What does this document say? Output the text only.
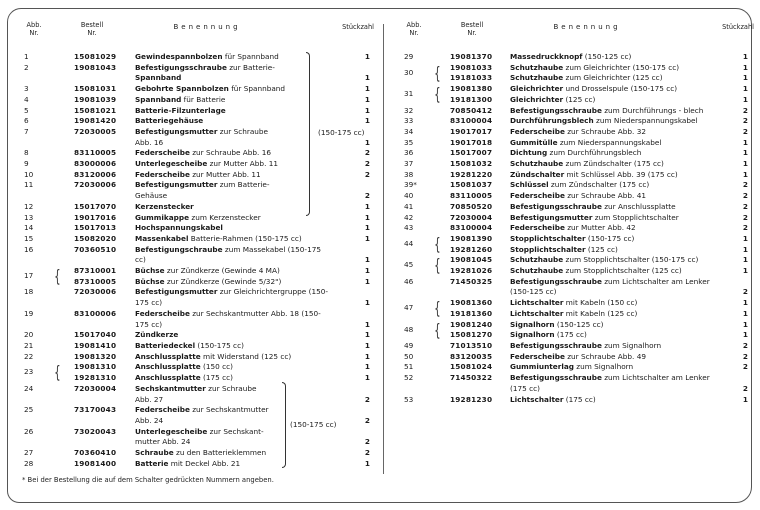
Abb.
Nr.
Bestell
Nr.
Benennung	Stückzahl
1	15081029	Gewindespannbolzen für Spannband	1
2	19081043	Befestigungsschraube zur Batterie-
Spannband	1
3	15081031	Gebohrte Spannbolzen für Spannband	1
4	19081039	Spannband für Batterie	1
5	15081021	Batterie-Filzunterlage	1
6	19081420	Batteriegehäuse	1
7	72030005	Befestigungsmutter zur Schraube
Abb. 16	1
8	83110005	Federscheibe zur Schraube Abb. 16	2
9	83000006	Unterlegescheibe zur Mutter Abb. 11	2
10	83120006	Federscheibe zur Mutter Abb. 11	2
11	72030006	Befestigungsmutter zum Batterie-
Gehäuse	2
12	15017070	Kerzenstecker	1
13	19017016	Gummikappe zum Kerzenstecker	1
14	15017013	Hochspannungskabel	1
15	15082020	Massenkabel Batterie-Rahmen (150-175 cc)	1
16	70360510	Befestigungschraube zum Massekabel (150-175 cc)	1
17	{ 87310001	Büchse zur Zündkerze (Gewinde 4 MA)	1
87310005	Büchse zur Zündkerze (Gewinde 5/32")	1
18	72030006	Befestigungsmutter zur Gleichrichtergruppe (150-
175 cc)	1
19	83100006	Federscheibe zur Sechskantmutter Abb. 18 (150-
175 cc)	1
20	15017040	Zündkerze	1
21	19081410	Batteriedeckel (150-175 cc)	1
22	19081320	Anschlussplatte mit Widerstand (125 cc)	1
23	{ 19081310	Anschlussplatte (150 cc)	1
19281310	Anschlussplatte (175 cc)	1
24	72030004	Sechskantmutter zur Schraube
Abb. 27	2
25	73170043	Federscheibe zur Sechskantmutter
Abb. 24	2
26	73020043	Unterlegescheibe zur Sechskant-
mutter Abb. 24	2
27	70360410	Schraube zu den Batterieklemmen	2
28	19081400	Batterie mit Deckel Abb. 21	1
Abb.
Nr.
Bestell
Nr.
Benennung	Stückzahl
29	19081370 Massedruckknopf (150-125 cc)	1
30	{ 19081033 Schutzhaube zum Gleichrichter (150-175 cc)	1
19181033 Schutzhaube zum Gleichrichter (125 cc)	1
31	{ 19081380 Gleichrichter und Drosselspule (150-175 cc)	1
19181300 Gleichrichter (125 cc)	1
32	70850412 Befestigungsschraube zum Durchführungs - blech	2
33	83100004 Durchführungsblech zum Niederspannungskabel	2
34	19017017 Federscheibe zur Schraube Abb. 32	2
35	19017018 Gummitülle zum Niederspannungskabel	1
36	15017007 Dichtung zum Durchführungsblech	1
37	15081032 Schutzhaube zum Zündschalter (175 cc)	1
38	19281220 Zündschalter mit Schlüssel Abb. 39 (175 cc)	1
39*	15081037 Schlüssel zum Zündschalter (175 cc)	2
40	83110005 Federscheibe zur Schraube Abb. 41	2
41	70850520 Befestigungsschraube zur Anschlussplatte	2
42	72030004 Befestigungsmutter zum Stopplichtschalter	2
43	83100004 Federscheibe zur Mutter Abb. 42	2
44	{ 19081390 Stopplichtschalter (150-175 cc)	1
19281260 Stopplichtschalter (125 cc)	1
45	{ 19081045 Schutzhaube zum Stopplichtschalter (150-175 cc)	1
19281026 Schutzhaube zum Stopplichtschalter (125 cc)	1
46	71450325 Befestigungsschraube zum Lichtschalter am Lenker
(150-125 cc)	2
47	{ 19081360 Lichtschalter mit Kabeln (150 cc)	1
19181360 Lichtschalter mit Kabeln (125 cc)	1
48	{ 19081240 Signalhorn (150-125 cc)	1
15081270 Signalhorn (175 cc)	1
49	71013510 Befestigungsschraube zum Signalhorn	2
50	83120035 Federscheibe zur Schraube Abb. 49	2
51	15081024 Gummiunterlag zum Signalhorn	2
52	71450322 Befestigungsschraube zum Lichtschalter am Lenker
(175 cc)	2
53	19281230 Lichtschalter (175 cc)	1
(150-175 cc)
(150-175 cc)
* Bei der Bestellung die auf dem Schalter gedrückten Nummern angeben.
